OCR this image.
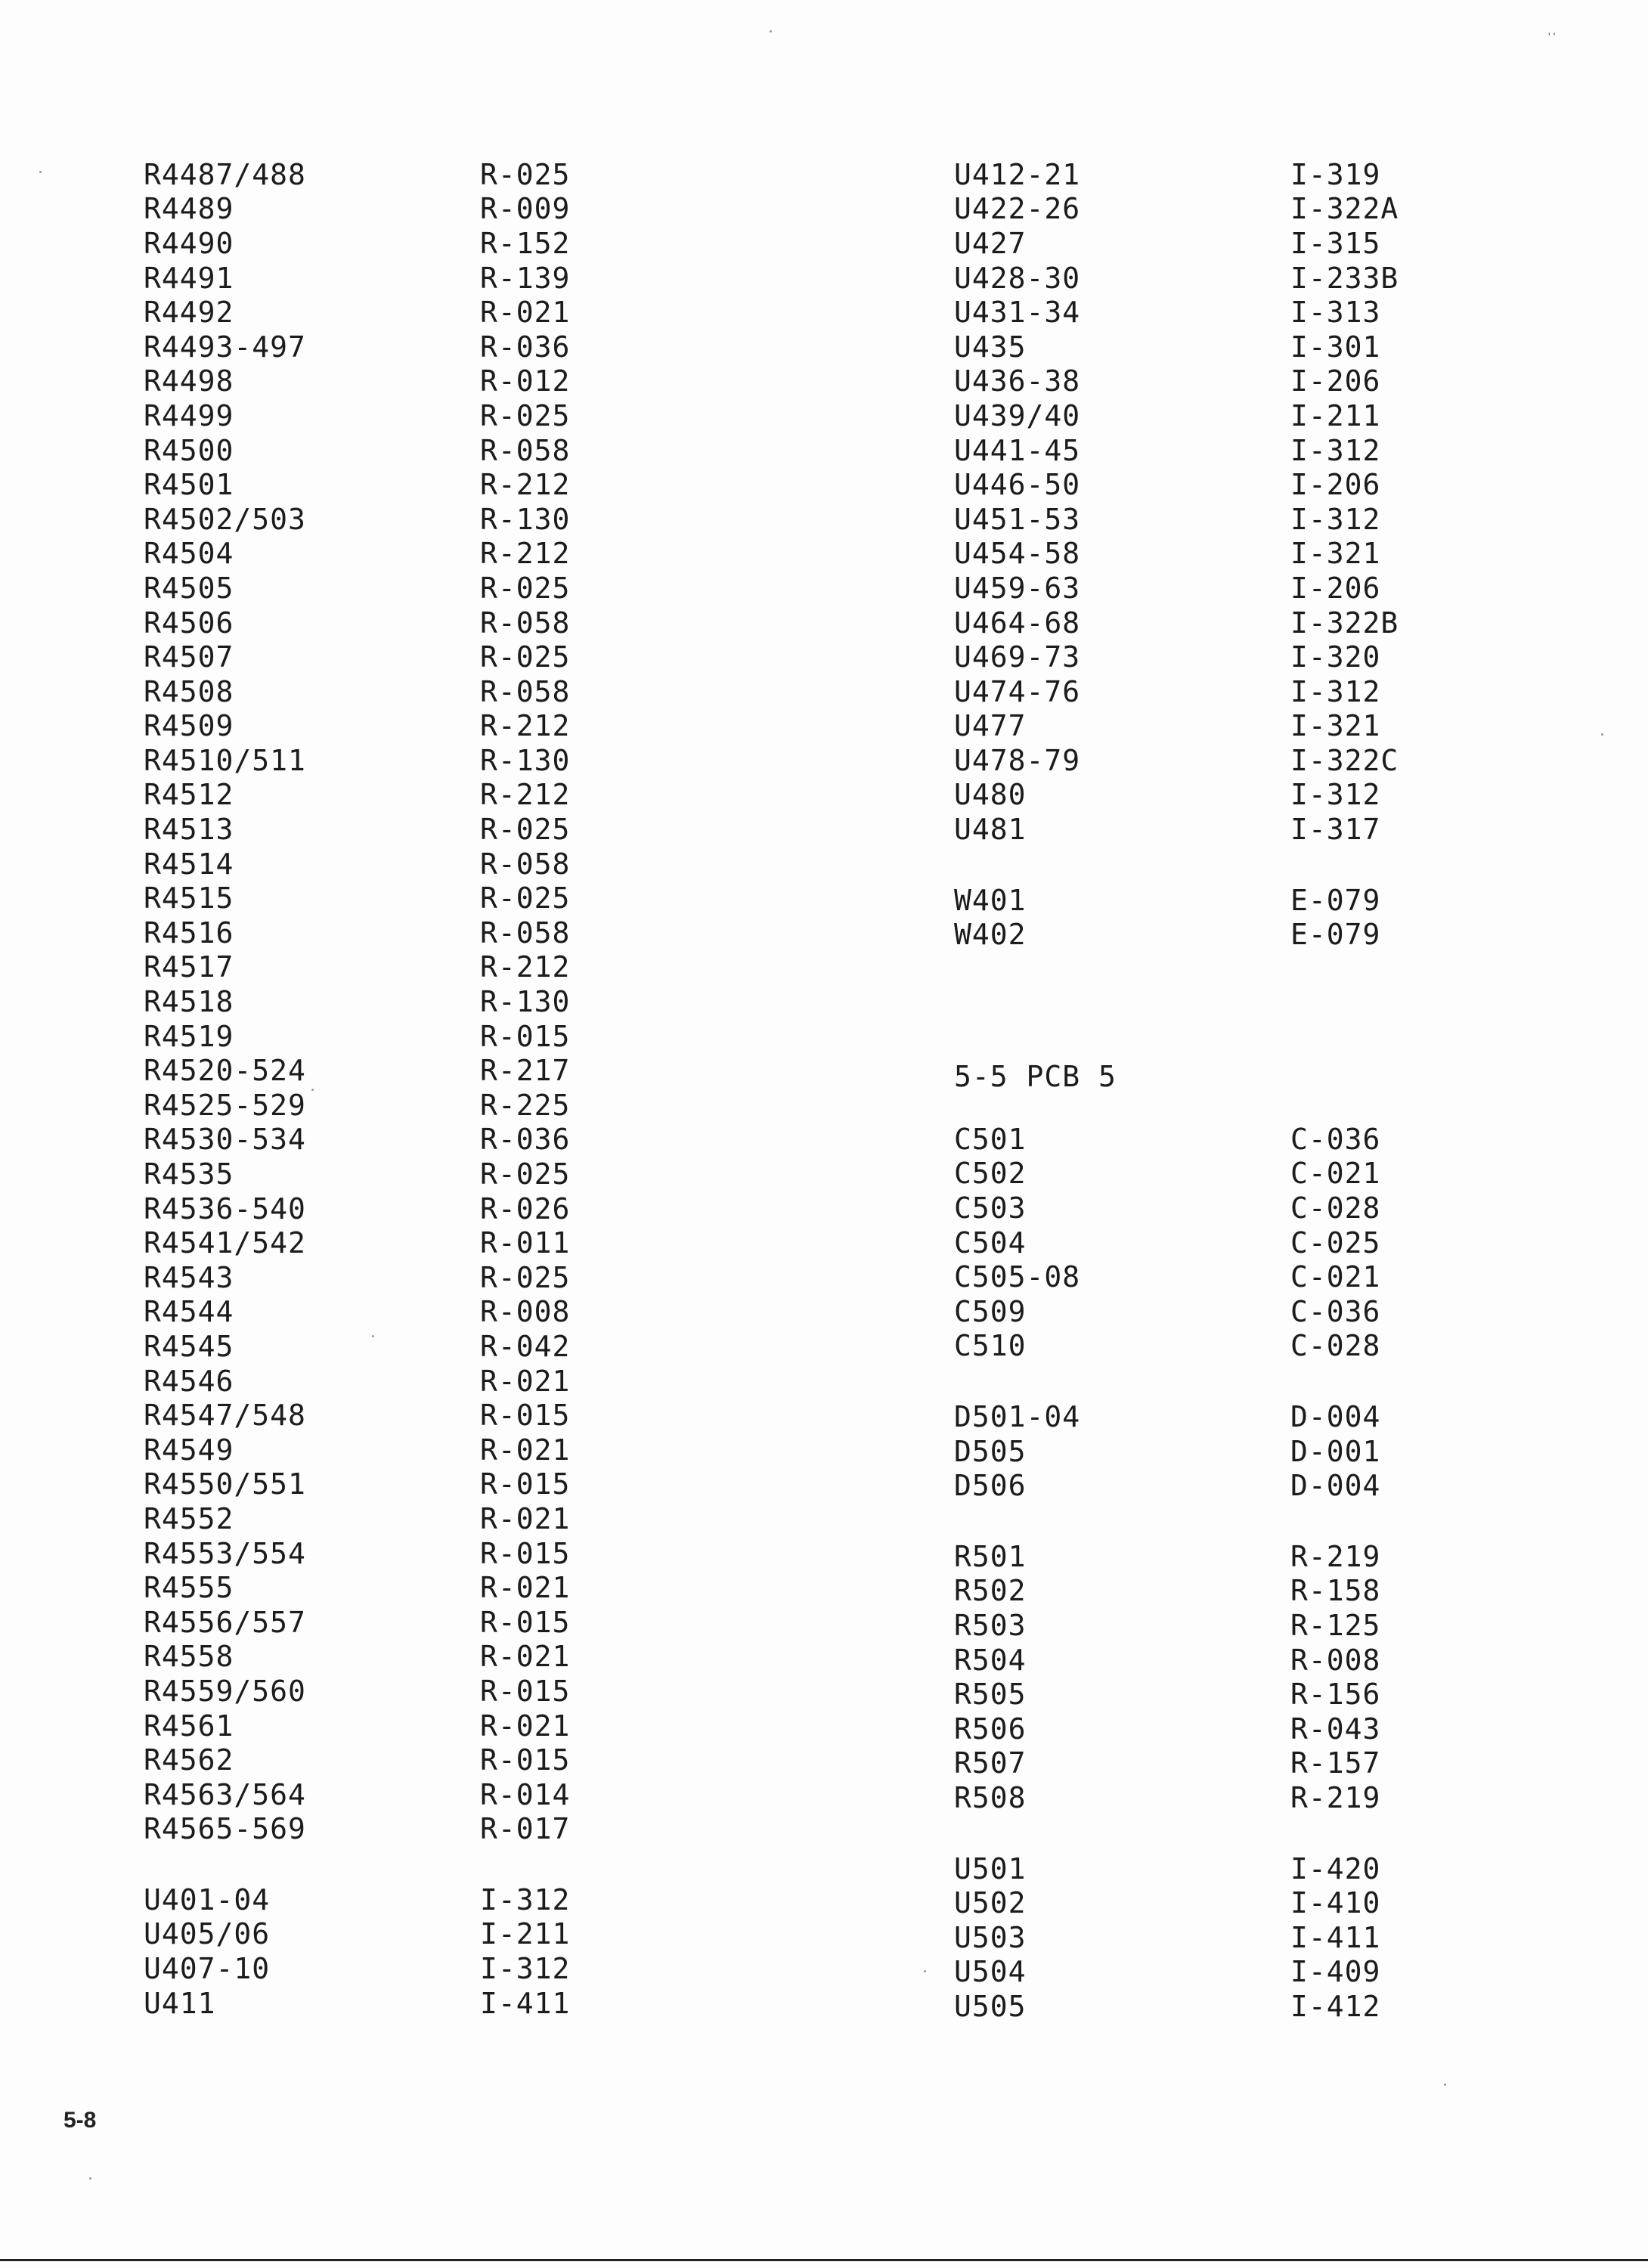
' '
R4487/488	R-025
R4489	R-009
R4490	R-152
R4491	R-139
R4492	R-021
R4493-497	R-036
R4498	R-012
R4499	R-025
R4500	R-058
R4501	R-212
R4502/503	R-130
R4504	R-212
R4505	R-025
R4506	R-058
R4507	R-025
R4508	R-058
R4509	R-212
R4510/511	R-130
R4512	R-212
R4513	R-025
R4514	R-058
R4515	R-025
R4516	R-058
R4517	R-212
R4518	R-130
R4519	R-015
R4520-524	R-217
R4525-529	R-225
R4530-534	R-036
R4535	R-025
R4536-540	R-026
R4541/542	R-011
R4543	R-025
R4544	R-008
R4545	R-042
R4546	R-021
R4547/548	R-015
R4549	R-021
R4550/551	R-015
R4552	R-021
R4553/554	R-015
R4555	R-021
R4556/557	R-015
R4558	R-021
R4559/560	R-015
R4561	R-021
R4562	R-015
R4563/564	R-014
R4565-569	R-017
U401-04	I-312
U405/06	I-211
U407-10	I-312
U411	I-411
U412-21	I-319
U422-26	I-322A
U427	I-315
U428-30	I-233B
U431-34	I-313
U435	I-301
U436-38	I-206
U439/40	I-211
U441-45	I-312
U446-50	I-206
U451-53	I-312
U454-58	I-321
U459-63	I-206
U464-68	I-322B
U469-73	I-320
U474-76	I-312
U477	I-321
U478-79	I-322C
U480	I-312
U481	I-317
W401	E-079
W402	E-079
5-5 PCB 5
C501	C-036
C502	C-021
C503	C-028
C504	C-025
C505-08	C-021
C509	C-036
C510	C-028
D501-04	D-004
D505	D-001
D506	D-004
R501	R-219
R502	R-158
R503	R-125
R504	R-008
R505	R-156
R506	R-043
R507	R-157
R508	R-219
U501	I-420
U502	I-410
U503	I-411
U504	I-409
U505	I-412
5-8
